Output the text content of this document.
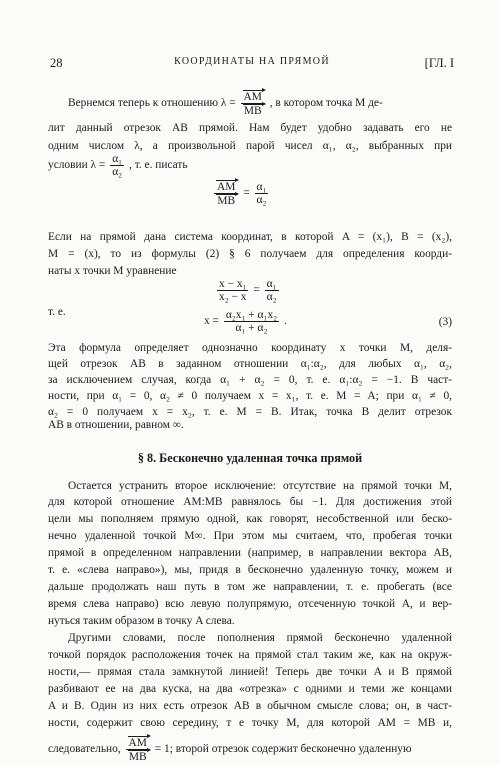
28	КООРДИНАТЫ НА ПРЯМОЙ	[ГЛ. I
Вернемся теперь к отношению $\lambda = \frac{AM}{MB}$ , в котором точка M де-
лит данный отрезок AB прямой. Нам будет удобно задавать его не
одним числом λ, а произвольной парой чисел α₁, α₂, выбранных при
условии $\lambda = \frac{\text{α₁}}{\text{α₂}}$ , т. е. писать
$\frac{AM}{MB} = \frac{\text{α₁}}{\text{α₂}}$
Если на прямой дана система координат, в которой A = (x₁), B = (x₂),
M = (x), то из формулы (2) § 6 получаем для определения коорди-
наты x точки M уравнение
$\frac{\text{x − x₁}}{\text{x₂ − x}} = \frac{\text{α₁}}{\text{α₂}}$
т. е.
$x = \frac{\text{α₂x₁ + α₁x₂}}{\text{α₁ + α₂}}$ .	(3)
Эта формула определяет однозначно координату x точки M, деля-
щей отрезок AB в заданном отношении α₁:α₂, для любых α₁, α₂,
за исключением случая, когда α₁ + α₂ = 0, т. е. α₁:α₂ = −1. В част-
ности, при α₁ = 0, α₂ ≠ 0 получаем x = x₁, т. е. M = A; при α₁ ≠ 0,
α₂ = 0 получаем x = x₂, т. е. M = B. Итак, точка B делит отрезок
AB в отношении, равном ∞.
§ 8. Бесконечно удаленная точка прямой
Остается устранить второе исключение: отсутствие на прямой точки M,
для которой отношение AM:MB равнялось бы −1. Для достижения этой
цели мы пополняем прямую одной, как говорят, несобственной или беско-
нечно удаленной точкой M∞. При этом мы считаем, что, пробегая точки
прямой в определенном направлении (например, в направлении вектора AB,
т. е. «слева направо»), мы, придя в бесконечно удаленную точку, можем и
дальше продолжать наш путь в том же направлении, т. е. пробегать (все
время слева направо) всю левую полупрямую, отсеченную точкой A, и вер-
нуться таким образом в точку A слева.
Другими словами, после пополнения прямой бесконечно удаленной
точкой порядок расположения точек на прямой стал таким же, как на окруж-
ности,— прямая стала замкнутой линией! Теперь две точки A и B прямой
разбивают ее на два куска, на два «отрезка» с одними и теми же концами
A и B. Один из них есть отрезок AB в обычном смысле слова; он, в част-
ности, содержит свою середину, т е точку M, для которой AM = MB и,
следовательно, $\frac{AM}{MB} = 1$; второй отрезок содержит бесконечно удаленную
